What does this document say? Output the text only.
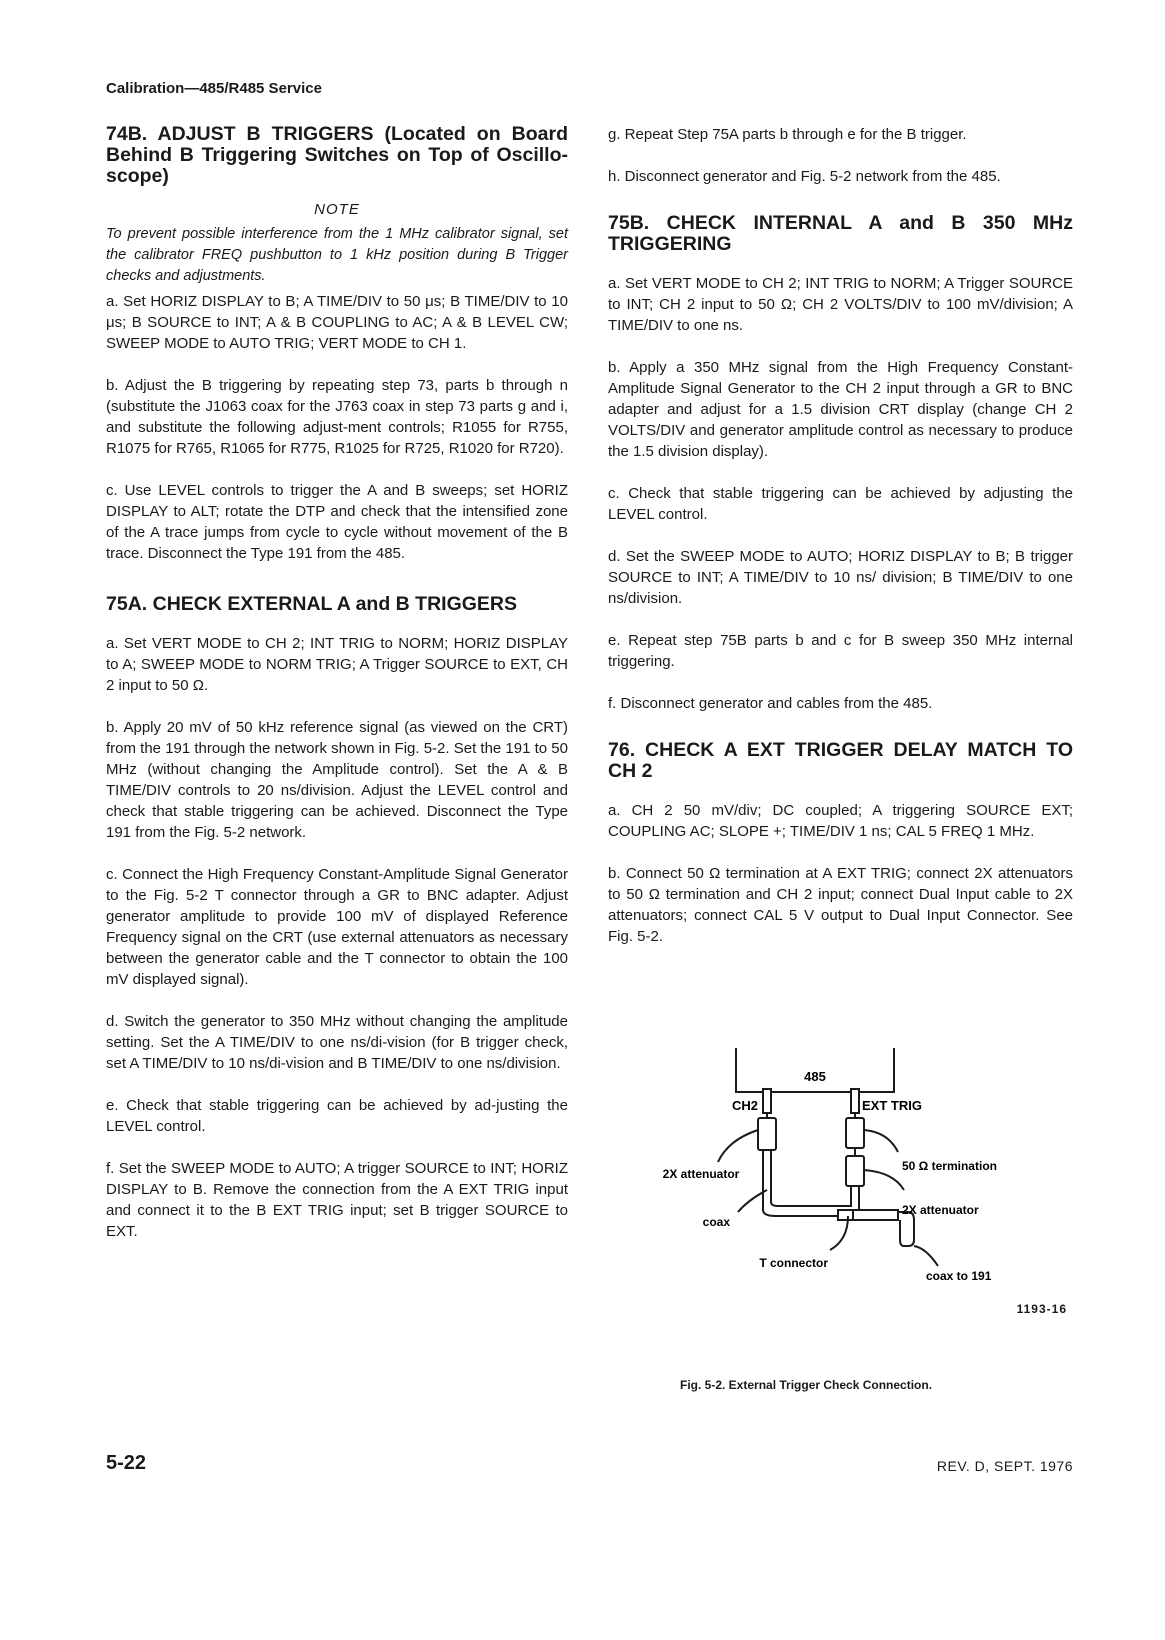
Calibration—485/R485 Service
74B. ADJUST B TRIGGERS (Located on Board Behind B Triggering Switches on Top of Oscillo-scope)
NOTE

To prevent possible interference from the 1 MHz calibrator signal, set the calibrator FREQ pushbutton to 1 kHz position during B Trigger checks and adjustments.

a. Set HORIZ DISPLAY to B; A TIME/DIV to 50 μs; B TIME/DIV to 10 μs; B SOURCE to INT; A & B COUPLING to AC; A & B LEVEL CW; SWEEP MODE to AUTO TRIG; VERT MODE to CH 1.

b. Adjust the B triggering by repeating step 73, parts b through n (substitute the J1063 coax for the J763 coax in step 73 parts g and i, and substitute the following adjust-ment controls; R1055 for R755, R1075 for R765, R1065 for R775, R1025 for R725, R1020 for R720).

c. Use LEVEL controls to trigger the A and B sweeps; set HORIZ DISPLAY to ALT; rotate the DTP and check that the intensified zone of the A trace jumps from cycle to cycle without movement of the B trace. Disconnect the Type 191 from the 485.

75A. CHECK EXTERNAL A and B TRIGGERS

a. Set VERT MODE to CH 2; INT TRIG to NORM; HORIZ DISPLAY to A; SWEEP MODE to NORM TRIG; A Trigger SOURCE to EXT, CH 2 input to 50 Ω.

b. Apply 20 mV of 50 kHz reference signal (as viewed on the CRT) from the 191 through the network shown in Fig. 5-2. Set the 191 to 50 MHz (without changing the Amplitude control). Set the A & B TIME/DIV controls to 20 ns/division. Adjust the LEVEL control and check that stable triggering can be achieved. Disconnect the Type 191 from the Fig. 5-2 network.

c. Connect the High Frequency Constant-Amplitude Signal Generator to the Fig. 5-2 T connector through a GR to BNC adapter. Adjust generator amplitude to provide 100 mV of displayed Reference Frequency signal on the CRT (use external attenuators as necessary between the generator cable and the T connector to obtain the 100 mV displayed signal).

d. Switch the generator to 350 MHz without changing the amplitude setting. Set the A TIME/DIV to one ns/di-vision (for B trigger check, set A TIME/DIV to 10 ns/di-vision and B TIME/DIV to one ns/division.

e. Check that stable triggering can be achieved by ad-justing the LEVEL control.

f. Set the SWEEP MODE to AUTO; A trigger SOURCE to INT; HORIZ DISPLAY to B. Remove the connection from the A EXT TRIG input and connect it to the B EXT TRIG input; set B trigger SOURCE to EXT.

g. Repeat Step 75A parts b through e for the B trigger.

h. Disconnect generator and Fig. 5-2 network from the 485.

75B. CHECK INTERNAL A and B 350 MHz TRIGGERING

a. Set VERT MODE to CH 2; INT TRIG to NORM; A Trigger SOURCE to INT; CH 2 input to 50 Ω; CH 2 VOLTS/DIV to 100 mV/division; A TIME/DIV to one ns.

b. Apply a 350 MHz signal from the High Frequency Constant-Amplitude Signal Generator to the CH 2 input through a GR to BNC adapter and adjust for a 1.5 division CRT display (change CH 2 VOLTS/DIV and generator amplitude control as necessary to produce the 1.5 division display).

c. Check that stable triggering can be achieved by adjusting the LEVEL control.

d. Set the SWEEP MODE to AUTO; HORIZ DISPLAY to B; B trigger SOURCE to INT; A TIME/DIV to 10 ns/ division; B TIME/DIV to one ns/division.

e. Repeat step 75B parts b and c for B sweep 350 MHz internal triggering.

f. Disconnect generator and cables from the 485.

76. CHECK A EXT TRIGGER DELAY MATCH TO CH 2

a. CH 2 50 mV/div; DC coupled; A triggering SOURCE EXT; COUPLING AC; SLOPE +; TIME/DIV 1 ns; CAL 5 FREQ 1 MHz.

b. Connect 50 Ω termination at A EXT TRIG; connect 2X attenuators to 50 Ω termination and CH 2 input; connect Dual Input cable to 2X attenuators; connect CAL 5 V output to Dual Input Connector. See Fig. 5-2.

485
CH2	EXT TRIG
2X attenuator
50 Ω termination
2X attenuator
coax
T connector
coax to 191
1193-16
Fig. 5-2. External Trigger Check Connection.
5-22	REV. D, SEPT. 1976
